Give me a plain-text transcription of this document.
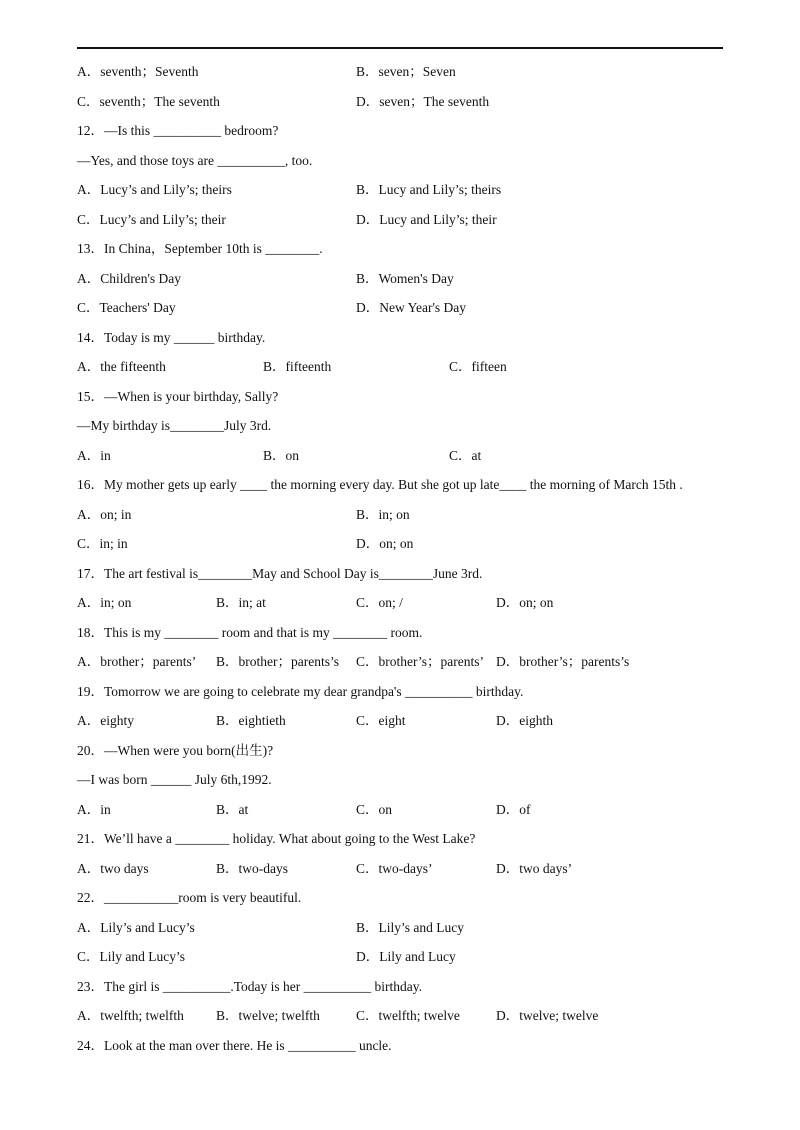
A．seventh；Seventh	B．seven；Seven
C．seventh；The seventh	D．seven；The seventh
12．—Is this __________ bedroom?
—Yes, and those toys are __________, too.
A．Lucy’s and Lily’s; theirs	B．Lucy and Lily’s; theirs
C．Lucy’s and Lily’s; their	D．Lucy and Lily’s; their
13．In China，September 10th is ________.
A．Children's Day	B．Women's Day
C．Teachers' Day	D．New Year's Day
14．Today is my ______ birthday.
A．the fifteenth	B．fifteenth	C．fifteen
15．—When is your birthday, Sally?
—My birthday is________July 3rd.
A．in	B．on	C．at
16．My mother gets up early ____ the morning every day. But she got up late____ the morning of March 15th .
A．on; in	B．in; on
C．in; in	D．on; on
17．The art festival is________May and School Day is________June 3rd.
A．in; on	B．in; at	C．on; /	D．on; on
18．This is my ________ room and that is my ________ room.
A．brother；parents’ B．brother；parents’s C．brother’s；parents’ D．brother’s；parents’s
19．Tomorrow we are going to celebrate my dear grandpa's __________ birthday.
A．eighty	B．eightieth	C．eight	D．eighth
20．—When were you born(出生)?
—I was born ______ July 6th,1992.
A．in	B．at	C．on	D．of
21．We’ll have a ________ holiday. What about going to the West Lake?
A．two days	B．two-days	C．two-days’	D．two days’
22．___________room is very beautiful.
A．Lily’s and Lucy’s	B．Lily’s and Lucy
C．Lily and Lucy’s	D．Lily and Lucy
23．The girl is __________.Today is her __________ birthday.
A．twelfth; twelfth B．twelve; twelfth	C．twelfth; twelve	D．twelve; twelve
24．Look at the man over there. He is __________ uncle.
